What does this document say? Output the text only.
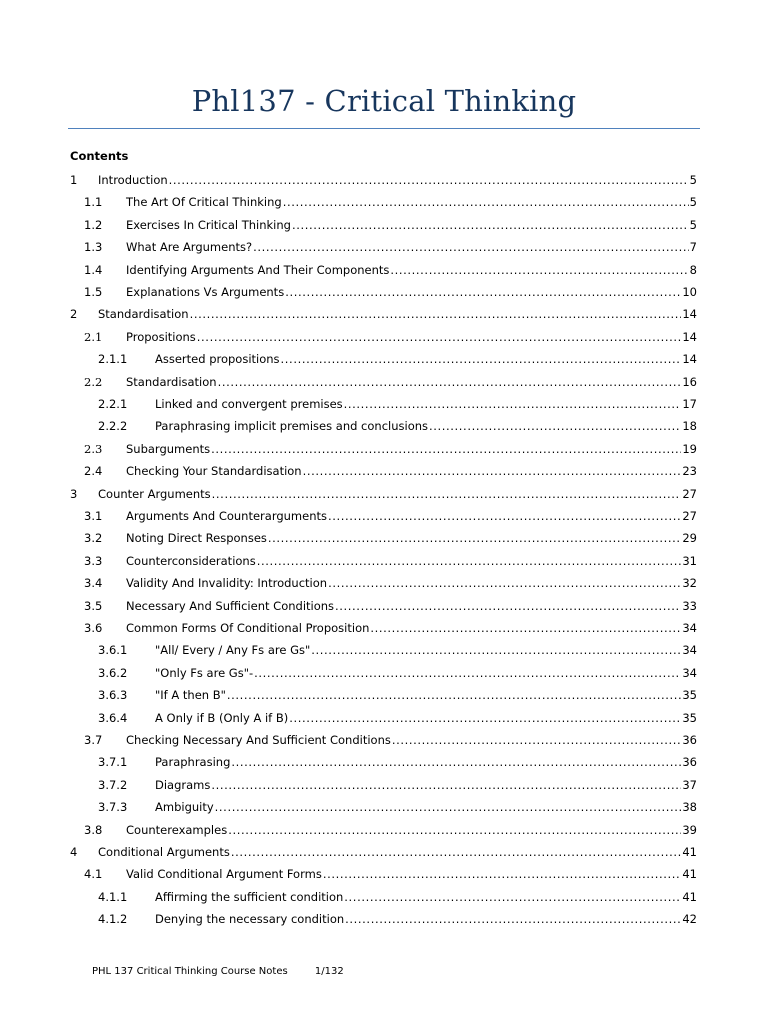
Phl137 - Critical Thinking
Contents
1 Introduction .....	5
1.1 The Art Of Critical Thinking .....	5
1.2 Exercises In Critical Thinking .....	5
1.3 What Are Arguments? .....	7
1.4 Identifying Arguments And Their Components .....	8
1.5 Explanations Vs Arguments .....	10
2 Standardisation .....	14
2.1 Propositions .....	14
2.1.1 Asserted propositions .....	14
2.2 Standardisation .....	16
2.2.1 Linked and convergent premises .....	17
2.2.2 Paraphrasing implicit premises and conclusions .....	18
2.3 Subarguments .....	19
2.4 Checking Your Standardisation .....	23
3 Counter Arguments .....	27
3.1 Arguments And Counterarguments .....	27
3.2 Noting Direct Responses .....	29
3.3 Counterconsiderations .....	31
3.4 Validity And Invalidity: Introduction .....	32
3.5 Necessary And Sufficient Conditions .....	33
3.6 Common Forms Of Conditional Proposition .....	34
3.6.1 "All/ Every / Any Fs are Gs" .....	34
3.6.2 "Only Fs are Gs"- .....	34
3.6.3 "If A then B" .....	35
3.6.4 A Only if B (Only A if B) .....	35
3.7 Checking Necessary And Sufficient Conditions .....	36
3.7.1 Paraphrasing .....	36
3.7.2 Diagrams .....	37
3.7.3 Ambiguity .....	38
3.8 Counterexamples .....	39
4 Conditional Arguments .....	41
4.1 Valid Conditional Argument Forms .....	41
4.1.1 Affirming the sufficient condition .....	41
4.1.2 Denying the necessary condition .....	42
PHL 137 Critical Thinking Course Notes	1/132
